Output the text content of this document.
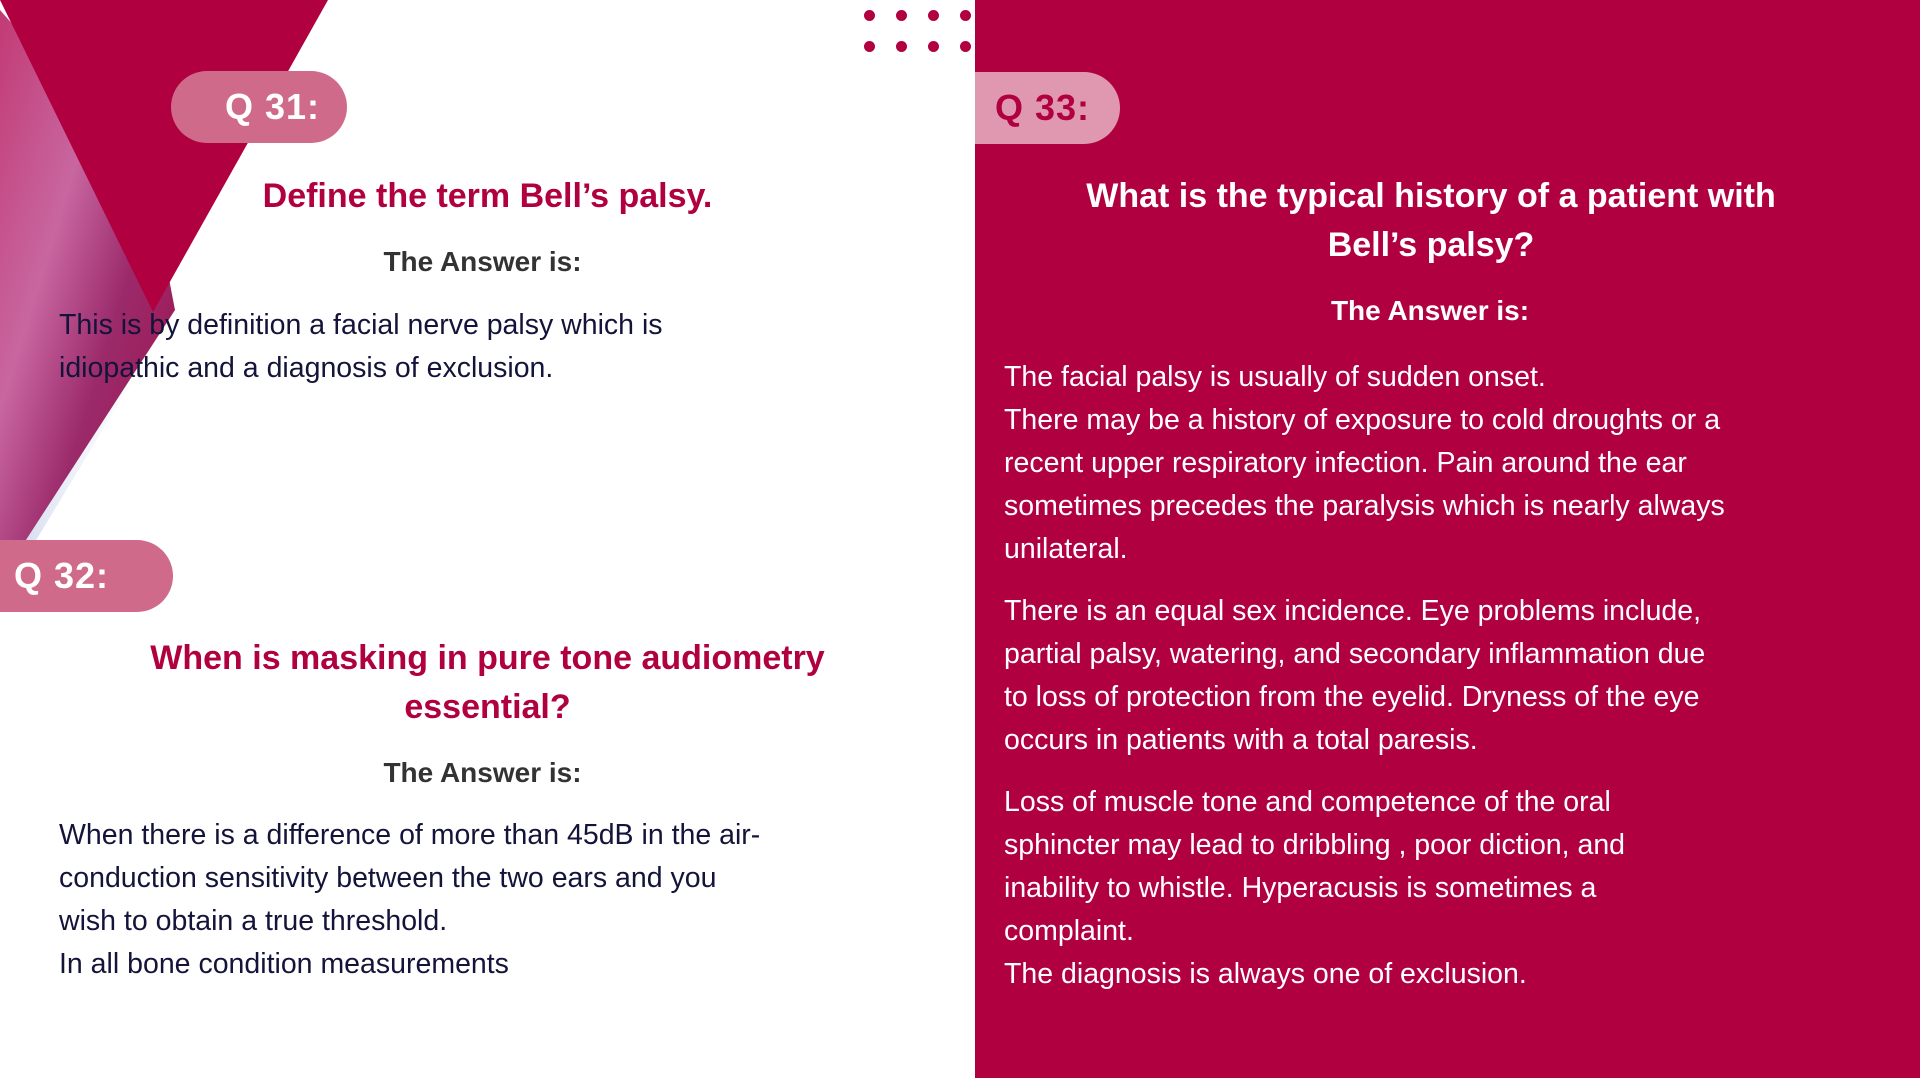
Q 31:
Define the term Bell’s palsy.
The Answer is:
This is by definition a facial nerve palsy which is
idiopathic and a diagnosis of exclusion.
Q 32:
When is masking in pure tone audiometry
essential?
The Answer is:
When there is a difference of more than 45dB in the air-
conduction sensitivity between the two ears and you
wish to obtain a true threshold.
In all bone condition measurements
Q 33:
What is the typical history of a patient with
Bell’s palsy?
The Answer is:
The facial palsy is usually of sudden onset.
There may be a history of exposure to cold droughts or a
recent upper respiratory infection. Pain around the ear
sometimes precedes the paralysis which is nearly always
unilateral.
There is an equal sex incidence. Eye problems include,
partial palsy, watering, and secondary inflammation due
to loss of protection from the eyelid. Dryness of the eye
occurs in patients with a total paresis.
Loss of muscle tone and competence of the oral
sphincter may lead to dribbling , poor diction, and
inability to whistle. Hyperacusis is sometimes a
complaint.
The diagnosis is always one of exclusion.
